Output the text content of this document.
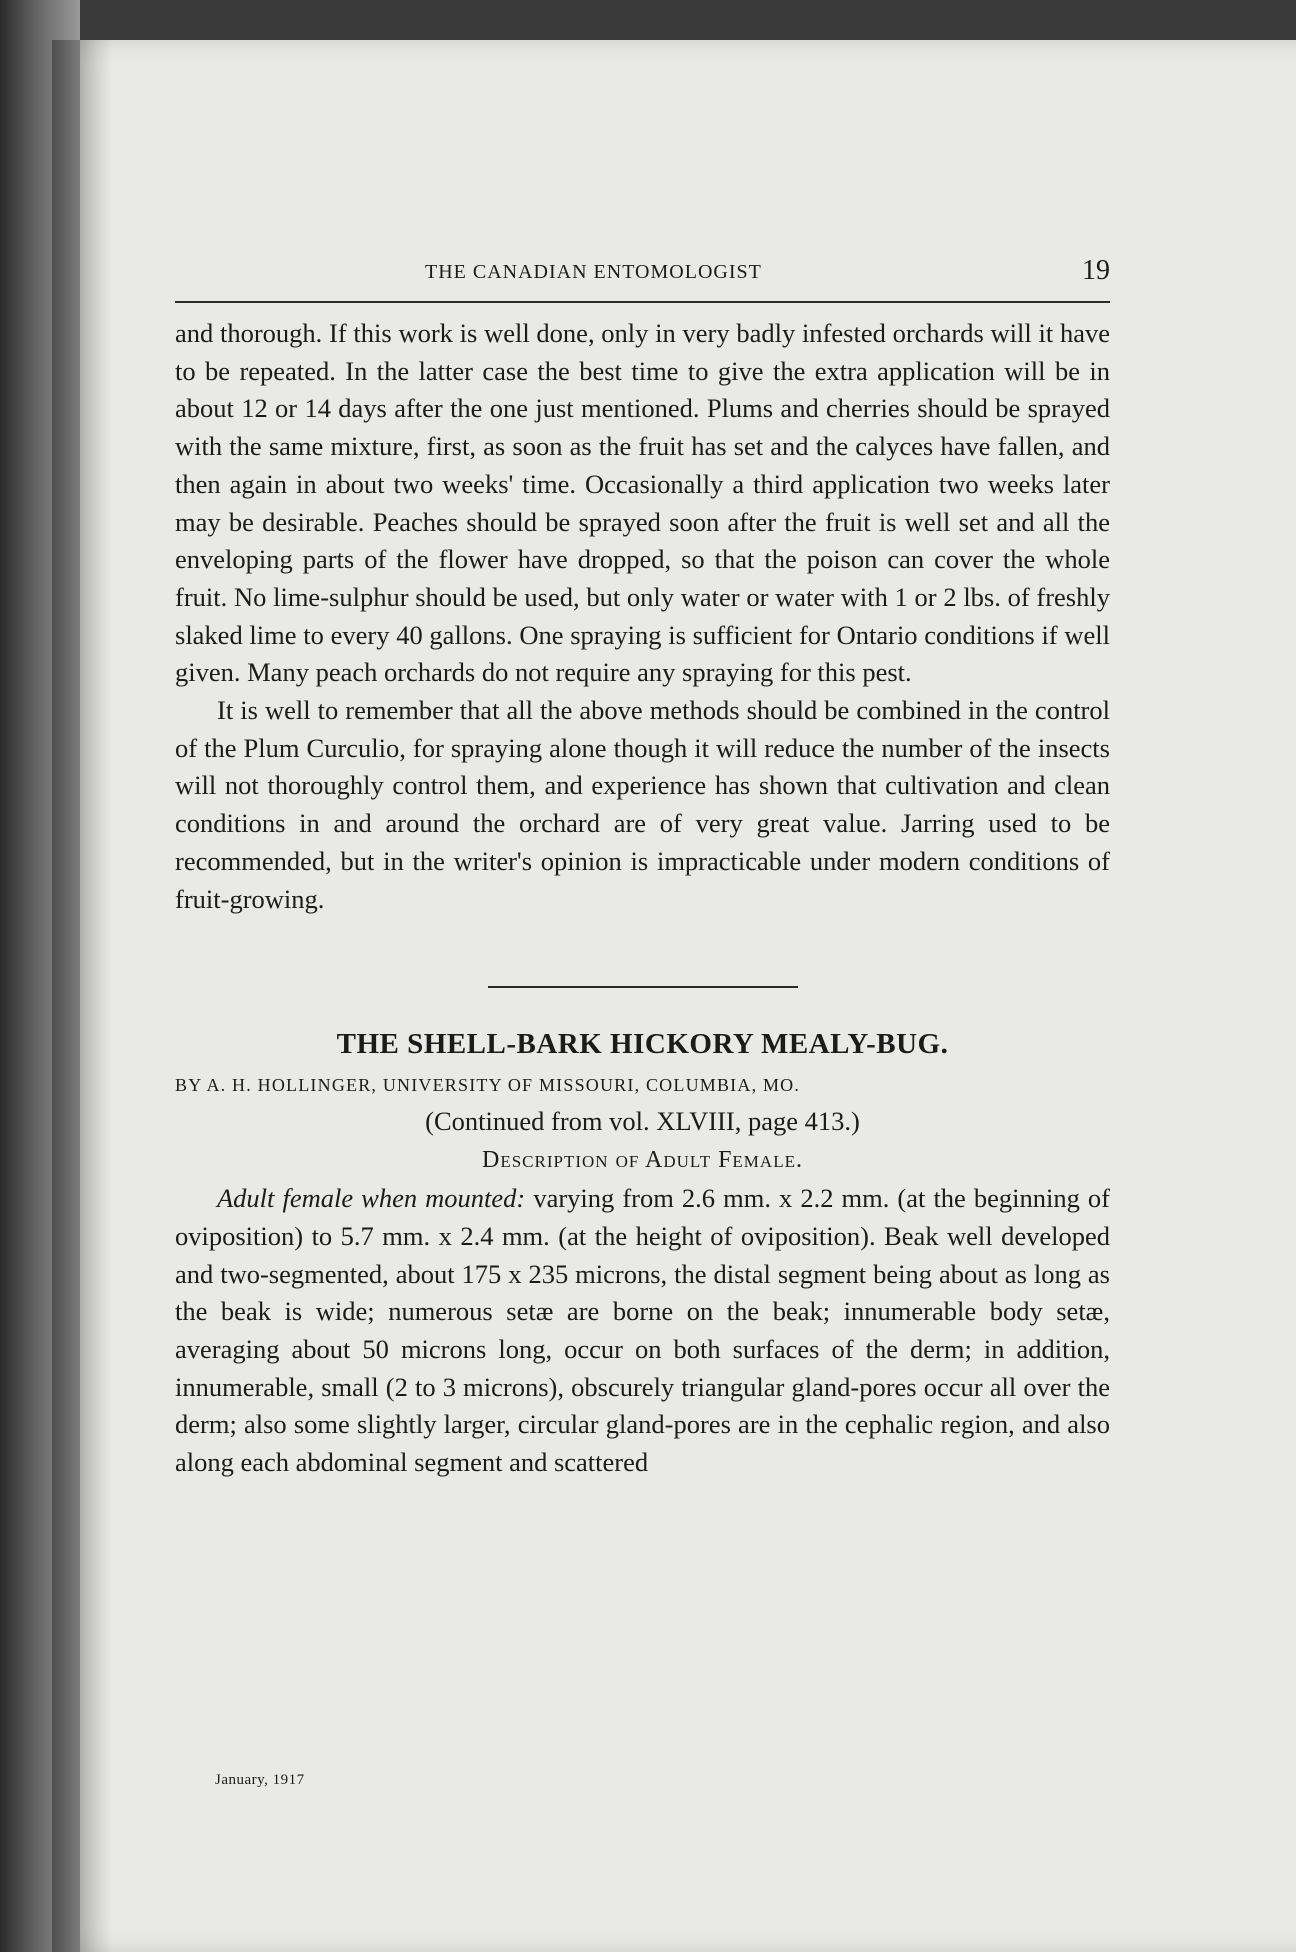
THE CANADIAN ENTOMOLOGIST	19

and thorough. If this work is well done, only in very badly infested orchards will it have to be repeated. In the latter case the best time to give the extra application will be in about 12 or 14 days after the one just mentioned. Plums and cherries should be sprayed with the same mixture, first, as soon as the fruit has set and the calyces have fallen, and then again in about two weeks' time. Occasionally a third application two weeks later may be desirable. Peaches should be sprayed soon after the fruit is well set and all the enveloping parts of the flower have dropped, so that the poison can cover the whole fruit. No lime-sulphur should be used, but only water or water with 1 or 2 lbs. of freshly slaked lime to every 40 gallons. One spraying is sufficient for Ontario conditions if well given. Many peach orchards do not require any spraying for this pest.

It is well to remember that all the above methods should be combined in the control of the Plum Curculio, for spraying alone though it will reduce the number of the insects will not thoroughly control them, and experience has shown that cultivation and clean conditions in and around the orchard are of very great value. Jarring used to be recommended, but in the writer's opinion is impracticable under modern conditions of fruit-growing.

THE SHELL-BARK HICKORY MEALY-BUG.
BY A. H. HOLLINGER, UNIVERSITY OF MISSOURI, COLUMBIA, MO.
(Continued from vol. XLVIII, page 413.)
Description of Adult Female.

Adult female when mounted: varying from 2.6 mm. x 2.2 mm. (at the beginning of oviposition) to 5.7 mm. x 2.4 mm. (at the height of oviposition). Beak well developed and two-segmented, about 175 x 235 microns, the distal segment being about as long as the beak is wide; numerous setæ are borne on the beak; innumerable body setæ, averaging about 50 microns long, occur on both surfaces of the derm; in addition, innumerable, small (2 to 3 microns), obscurely triangular gland-pores occur all over the derm; also some slightly larger, circular gland-pores are in the cephalic region, and also along each abdominal segment and scattered

January, 1917
